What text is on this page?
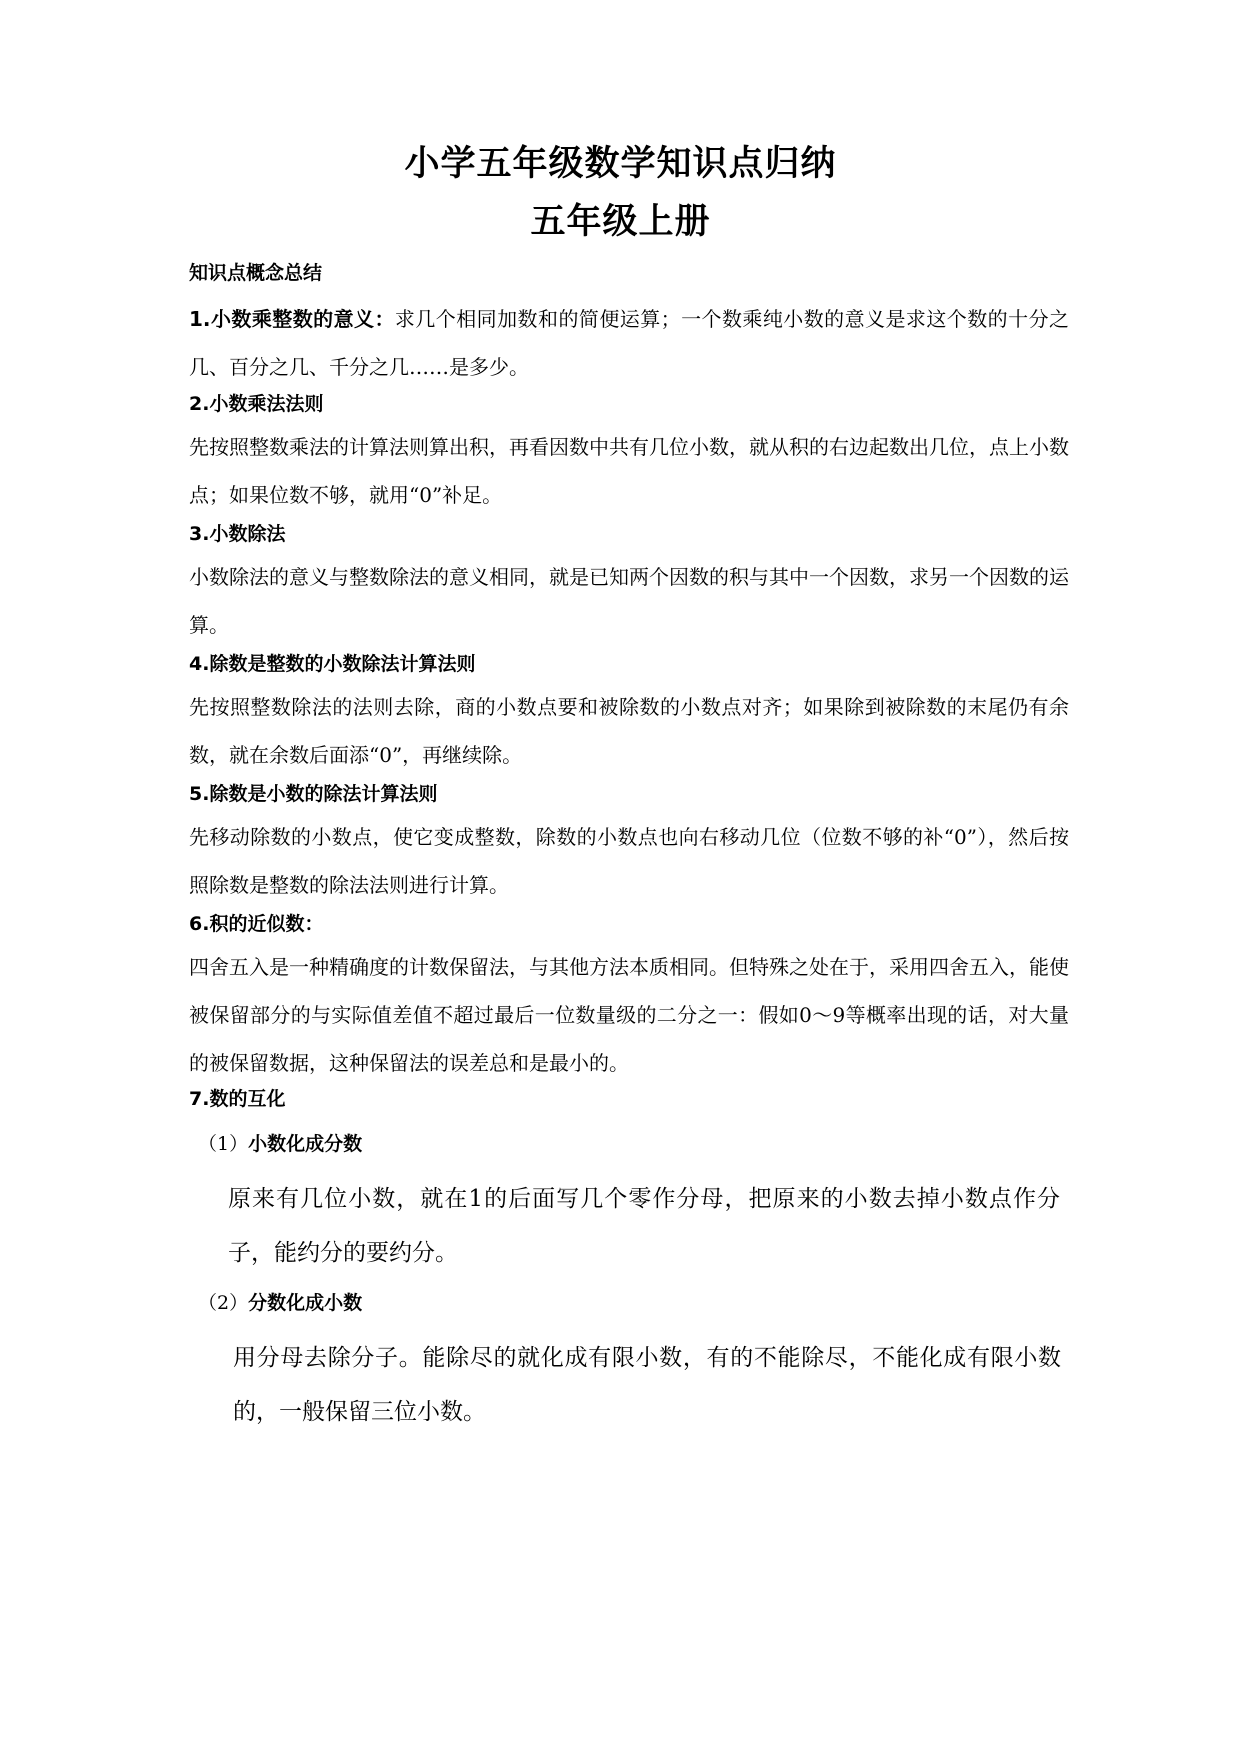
小学五年级数学知识点归纳
五年级上册
知识点概念总结

1.小数乘整数的意义：求几个相同加数和的简便运算；一个数乘纯小数的意义是求这个数的十分之几、百分之几、千分之几……是多少。

2.小数乘法法则

先按照整数乘法的计算法则算出积，再看因数中共有几位小数，就从积的右边起数出几位，点上小数点；如果位数不够，就用“0”补足。

3.小数除法

小数除法的意义与整数除法的意义相同，就是已知两个因数的积与其中一个因数，求另一个因数的运算。

4.除数是整数的小数除法计算法则

先按照整数除法的法则去除，商的小数点要和被除数的小数点对齐；如果除到被除数的末尾仍有余数，就在余数后面添“0”，再继续除。

5.除数是小数的除法计算法则

先移动除数的小数点，使它变成整数，除数的小数点也向右移动几位（位数不够的补“0”），然后按照除数是整数的除法法则进行计算。

6.积的近似数：

四舍五入是一种精确度的计数保留法，与其他方法本质相同。但特殊之处在于，采用四舍五入，能使被保留部分的与实际值差值不超过最后一位数量级的二分之一：假如0～9等概率出现的话，对大量的被保留数据，这种保留法的误差总和是最小的。

7.数的互化
（1）小数化成分数

原来有几位小数，就在1的后面写几个零作分母，把原来的小数去掉小数点作分子，能约分的要约分。

（2）分数化成小数

用分母去除分子。能除尽的就化成有限小数，有的不能除尽，不能化成有限小数的，一般保留三位小数。
